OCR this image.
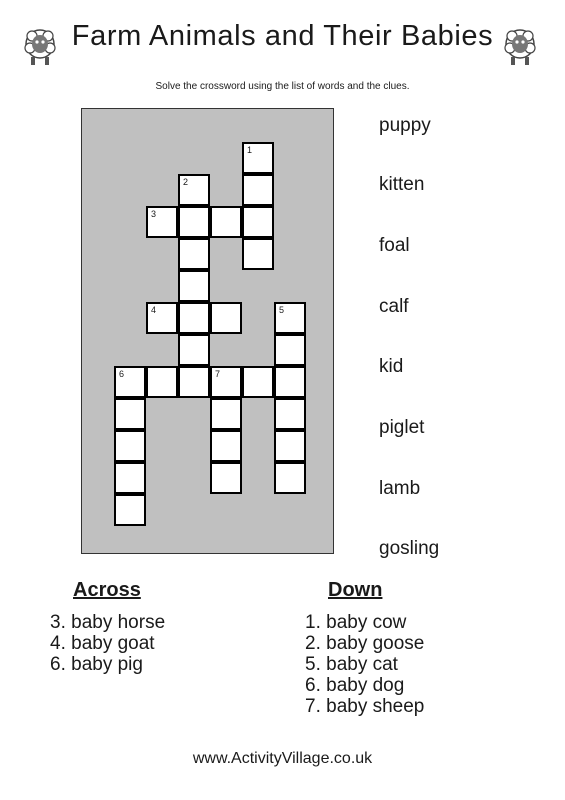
Farm Animals and Their Babies
Solve the crossword using the list of words and the clues.
1
2
3
4	5
6	7
puppy
kitten
foal
calf
kid
piglet
lamb
gosling
Across	Down
3. baby horse
4. baby goat
6. baby pig
1. baby cow
2. baby goose
5. baby cat
6. baby dog
7. baby sheep
www.ActivityVillage.co.uk
